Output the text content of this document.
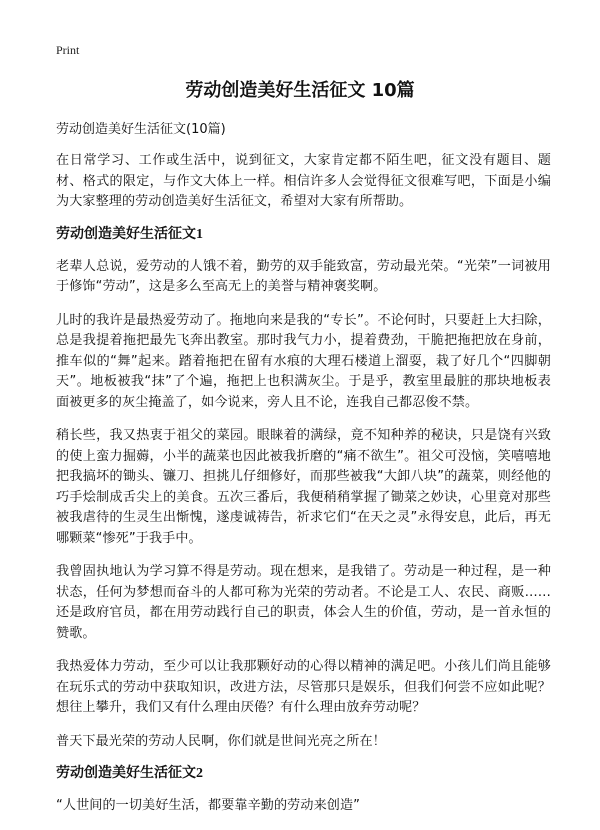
Print
劳动创造美好生活征文 10篇
劳动创造美好生活征文(10篇)

在日常学习、工作或生活中，说到征文，大家肯定都不陌生吧，征文没有题目、题材、格式的限定，与作文大体上一样。相信许多人会觉得征文很难写吧，下面是小编为大家整理的劳动创造美好生活征文，希望对大家有所帮助。

劳动创造美好生活征文1

老辈人总说，爱劳动的人饿不着，勤劳的双手能致富，劳动最光荣。“光荣”一词被用于修饰“劳动”，这是多么至高无上的美誉与精神褒奖啊。

儿时的我许是最热爱劳动了。拖地向来是我的“专长”。不论何时，只要赶上大扫除，总是我提着拖把最先飞奔出教室。那时我气力小，提着费劲，干脆把拖把放在身前，推车似的“舞”起来。踏着拖把在留有水痕的大理石楼道上溜耍，栽了好几个“四脚朝天”。地板被我“抹”了个遍，拖把上也积满灰尘。于是乎，教室里最脏的那块地板表面被更多的灰尘掩盖了，如今说来，旁人且不论，连我自己都忍俊不禁。

稍长些，我又热衷于祖父的菜园。眼睐着的满绿，竟不知种养的秘诀，只是饶有兴致的使上蛮力掘薅，小半的蔬菜也因此被我折磨的“痛不欲生”。祖父可没恼，笑嘻嘻地把我搞坏的锄头、镰刀、担挑儿仔细修好，而那些被我“大卸八块”的蔬菜，则经他的巧手烩制成舌尖上的美食。五次三番后，我便稍稍掌握了锄菜之妙诀，心里竟对那些被我虐待的生灵生出惭愧，遂虔诚祷告，祈求它们“在天之灵”永得安息，此后，再无哪颗菜“惨死”于我手中。

我曾固执地认为学习算不得是劳动。现在想来，是我错了。劳动是一种过程，是一种状态，任何为梦想而奋斗的人都可称为光荣的劳动者。不论是工人、农民、商贩……还是政府官员，都在用劳动践行自己的职责，体会人生的价值，劳动，是一首永恒的赞歌。

我热爱体力劳动，至少可以让我那颗好动的心得以精神的满足吧。小孩儿们尚且能够在玩乐式的劳动中获取知识，改进方法，尽管那只是娱乐，但我们何尝不应如此呢？想往上攀升，我们又有什么理由厌倦？有什么理由放弃劳动呢？

普天下最光荣的劳动人民啊，你们就是世间光亮之所在！

劳动创造美好生活征文2

“人世间的一切美好生活，都要靠辛勤的劳动来创造”
